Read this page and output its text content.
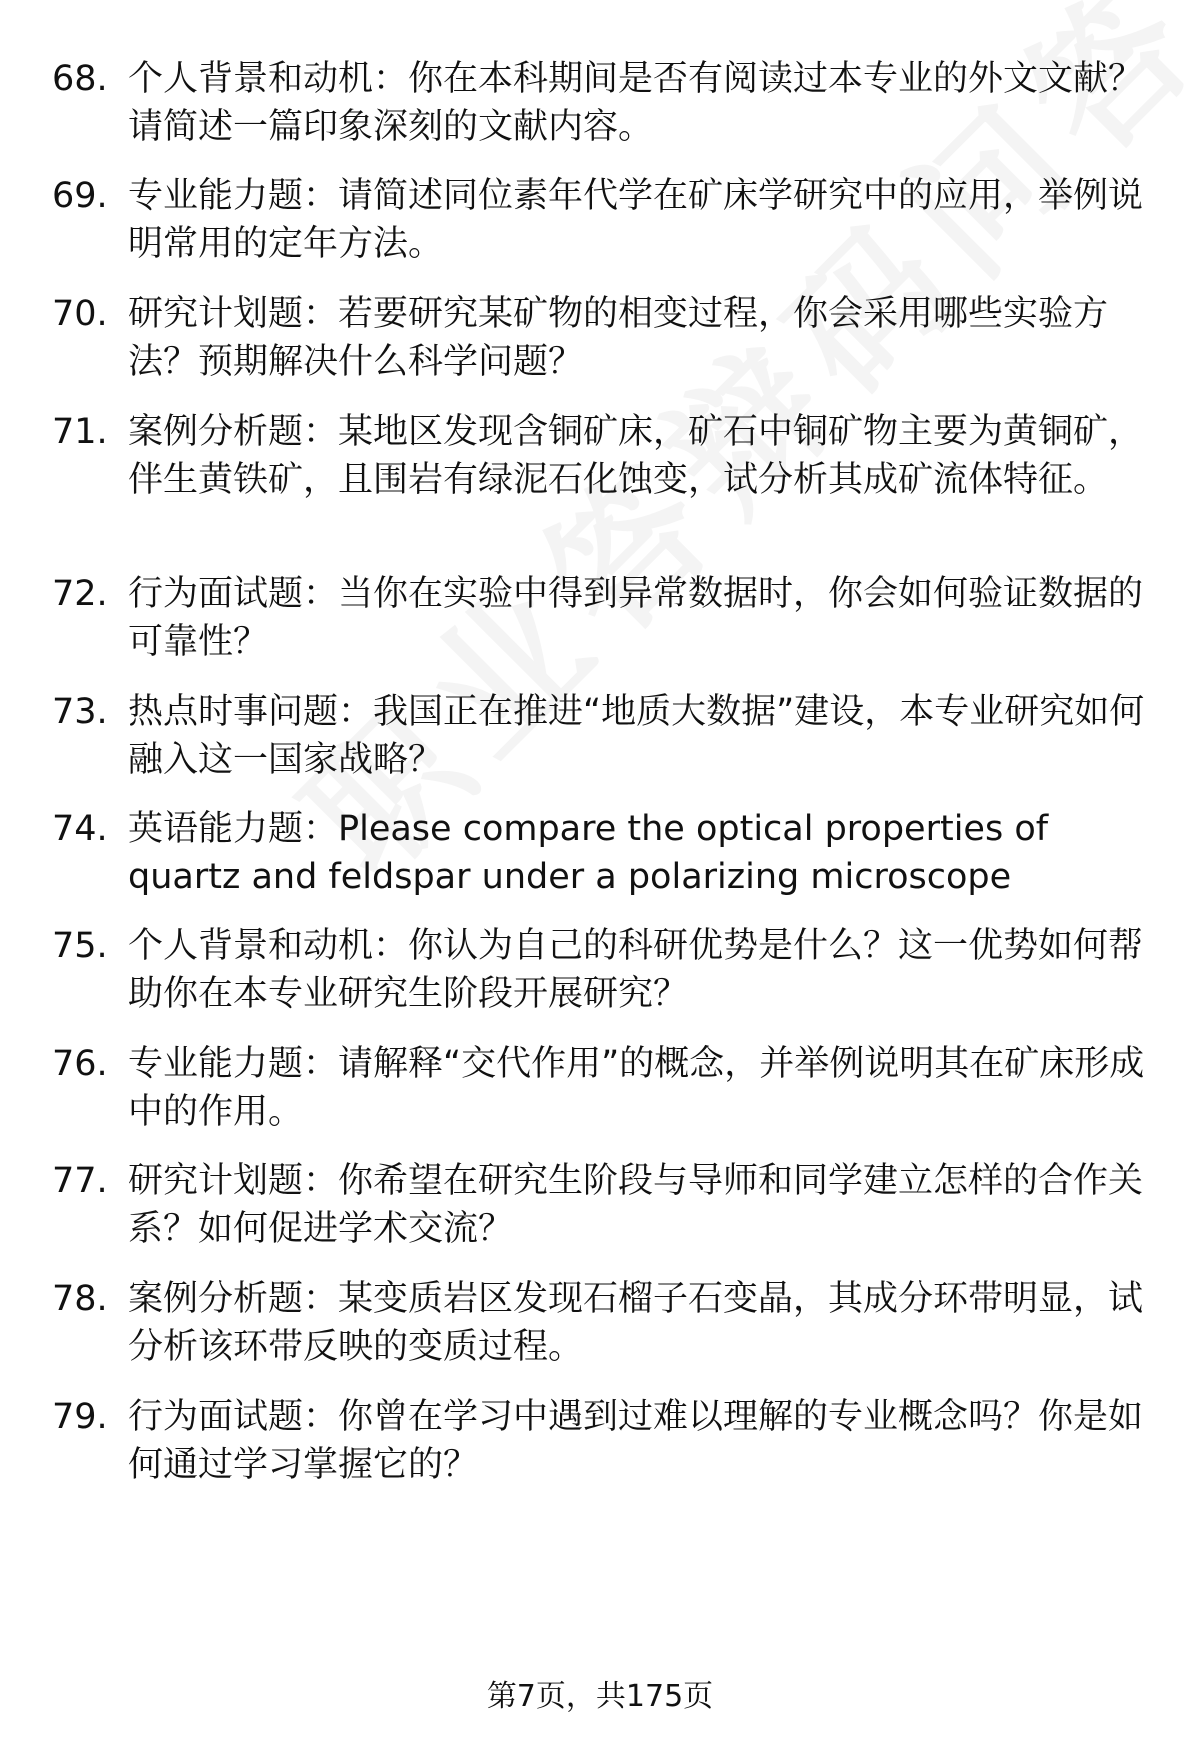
68. 个人背景和动机：你在本科期间是否有阅读过本专业的外文文献？请简述一篇印象深刻的文献内容。
69. 专业能力题：请简述同位素年代学在矿床学研究中的应用，举例说明常用的定年方法。
70. 研究计划题：若要研究某矿物的相变过程，你会采用哪些实验方法？预期解决什么科学问题？
71. 案例分析题：某地区发现含铜矿床，矿石中铜矿物主要为黄铜矿，伴生黄铁矿，且围岩有绿泥石化蚀变，试分析其成矿流体特征。
72. 行为面试题：当你在实验中得到异常数据时，你会如何验证数据的可靠性？
73. 热点时事问题：我国正在推进“地质大数据”建设，本专业研究如何融入这一国家战略？
74. 英语能力题：Please compare the optical properties of quartz and feldspar under a polarizing microscope
75. 个人背景和动机：你认为自己的科研优势是什么？这一优势如何帮助你在本专业研究生阶段开展研究？
76. 专业能力题：请解释“交代作用”的概念，并举例说明其在矿床形成中的作用。
77. 研究计划题：你希望在研究生阶段与导师和同学建立怎样的合作关系？如何促进学术交流？
78. 案例分析题：某变质岩区发现石榴子石变晶，其成分环带明显，试分析该环带反映的变质过程。
79. 行为面试题：你曾在学习中遇到过难以理解的专业概念吗？你是如何通过学习掌握它的？
第7页，共175页
